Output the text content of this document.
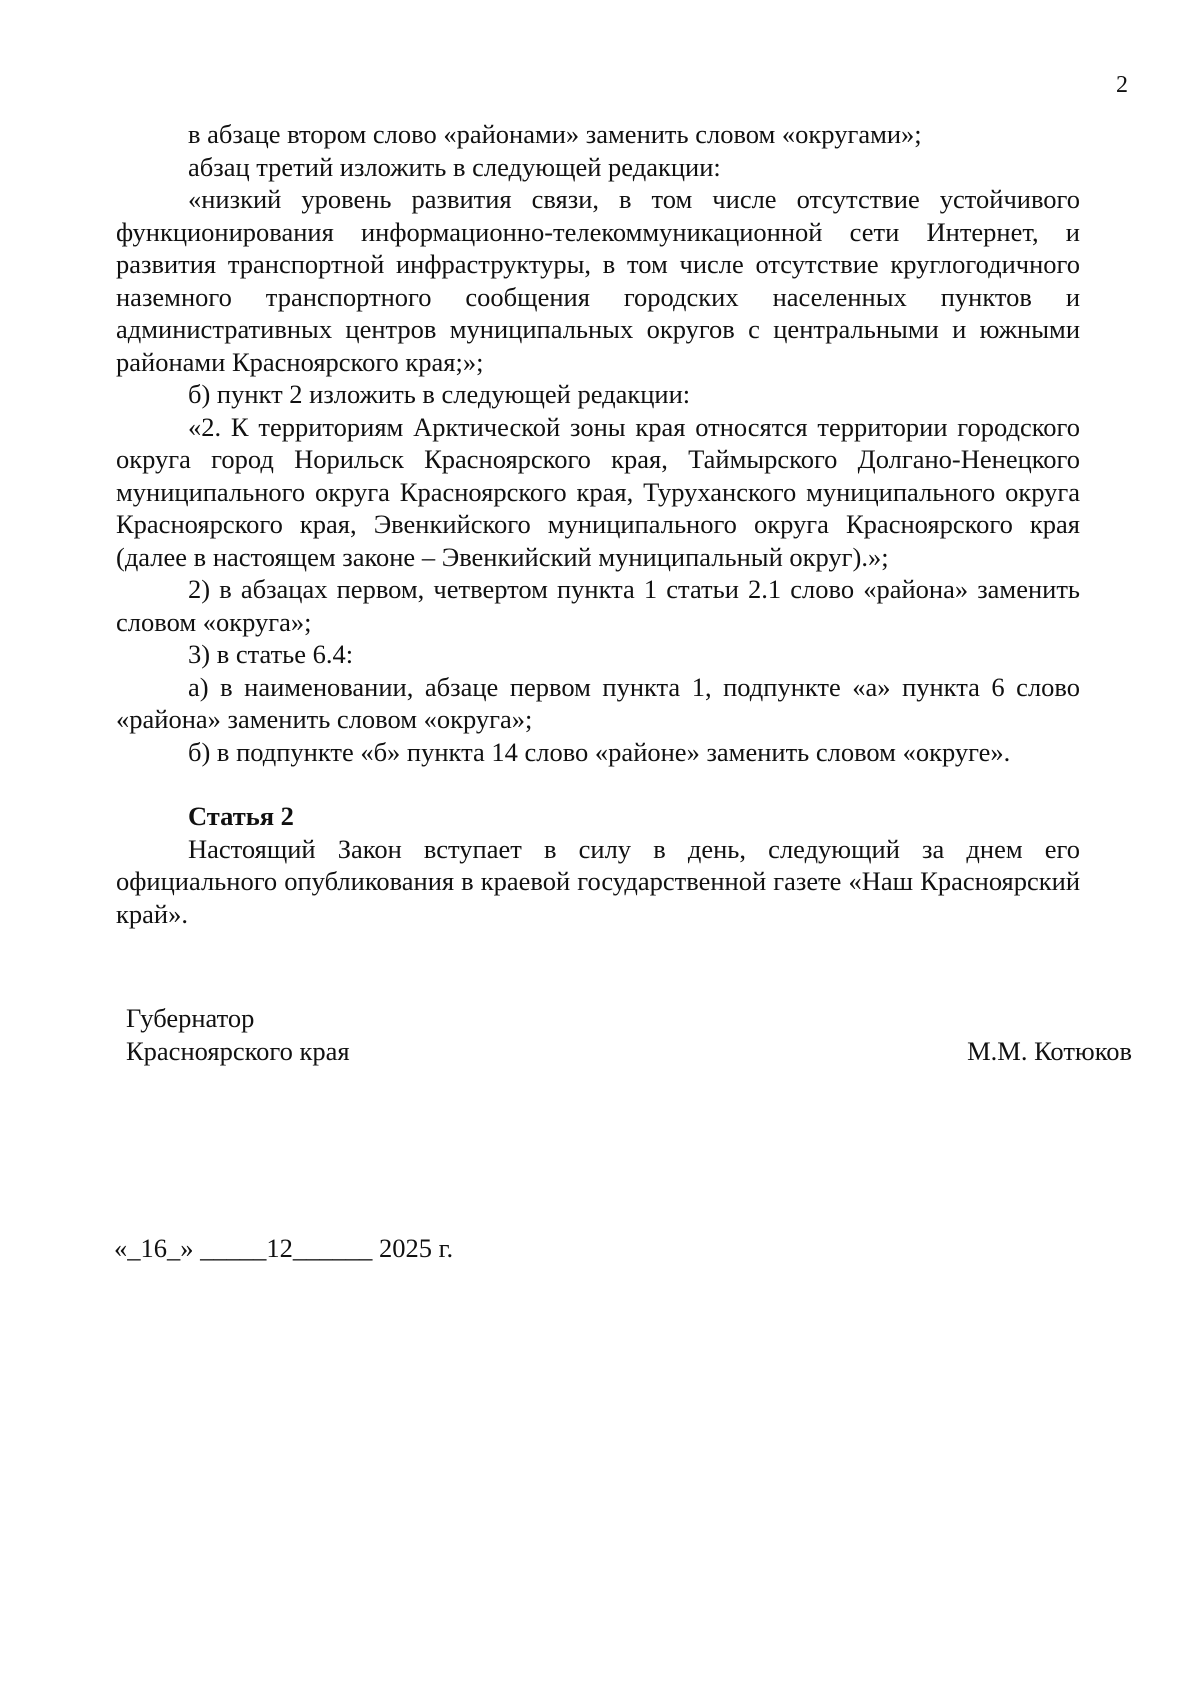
2

в абзаце втором слово «районами» заменить словом «округами»;

абзац третий изложить в следующей редакции:

«низкий уровень развития связи, в том числе отсутствие устойчивого функционирования информационно-телекоммуникационной сети Интернет, и развития транспортной инфраструктуры, в том числе отсутствие круглогодичного наземного транспортного сообщения городских населенных пунктов и административных центров муниципальных округов с центральными и южными районами Красноярского края;»;

б) пункт 2 изложить в следующей редакции:

«2. К территориям Арктической зоны края относятся территории городского округа город Норильск Красноярского края, Таймырского Долгано-Ненецкого муниципального округа Красноярского края, Туруханского муниципального округа Красноярского края, Эвенкийского муниципального округа Красноярского края (далее в настоящем законе – Эвенкийский муниципальный округ).»;

2) в абзацах первом, четвертом пункта 1 статьи 2.1 слово «района» заменить словом «округа»;

3) в статье 6.4:

а) в наименовании, абзаце первом пункта 1, подпункте «а» пункта 6 слово «района» заменить словом «округа»;

б) в подпункте «б» пункта 14 слово «районе» заменить словом «округе».

Статья 2

Настоящий Закон вступает в силу в день, следующий за днем его официального опубликования в краевой государственной газете «Наш Красноярский край».

Губернатор
Красноярского края	М.М. Котюков
«_16_» _____12______ 2025 г.
